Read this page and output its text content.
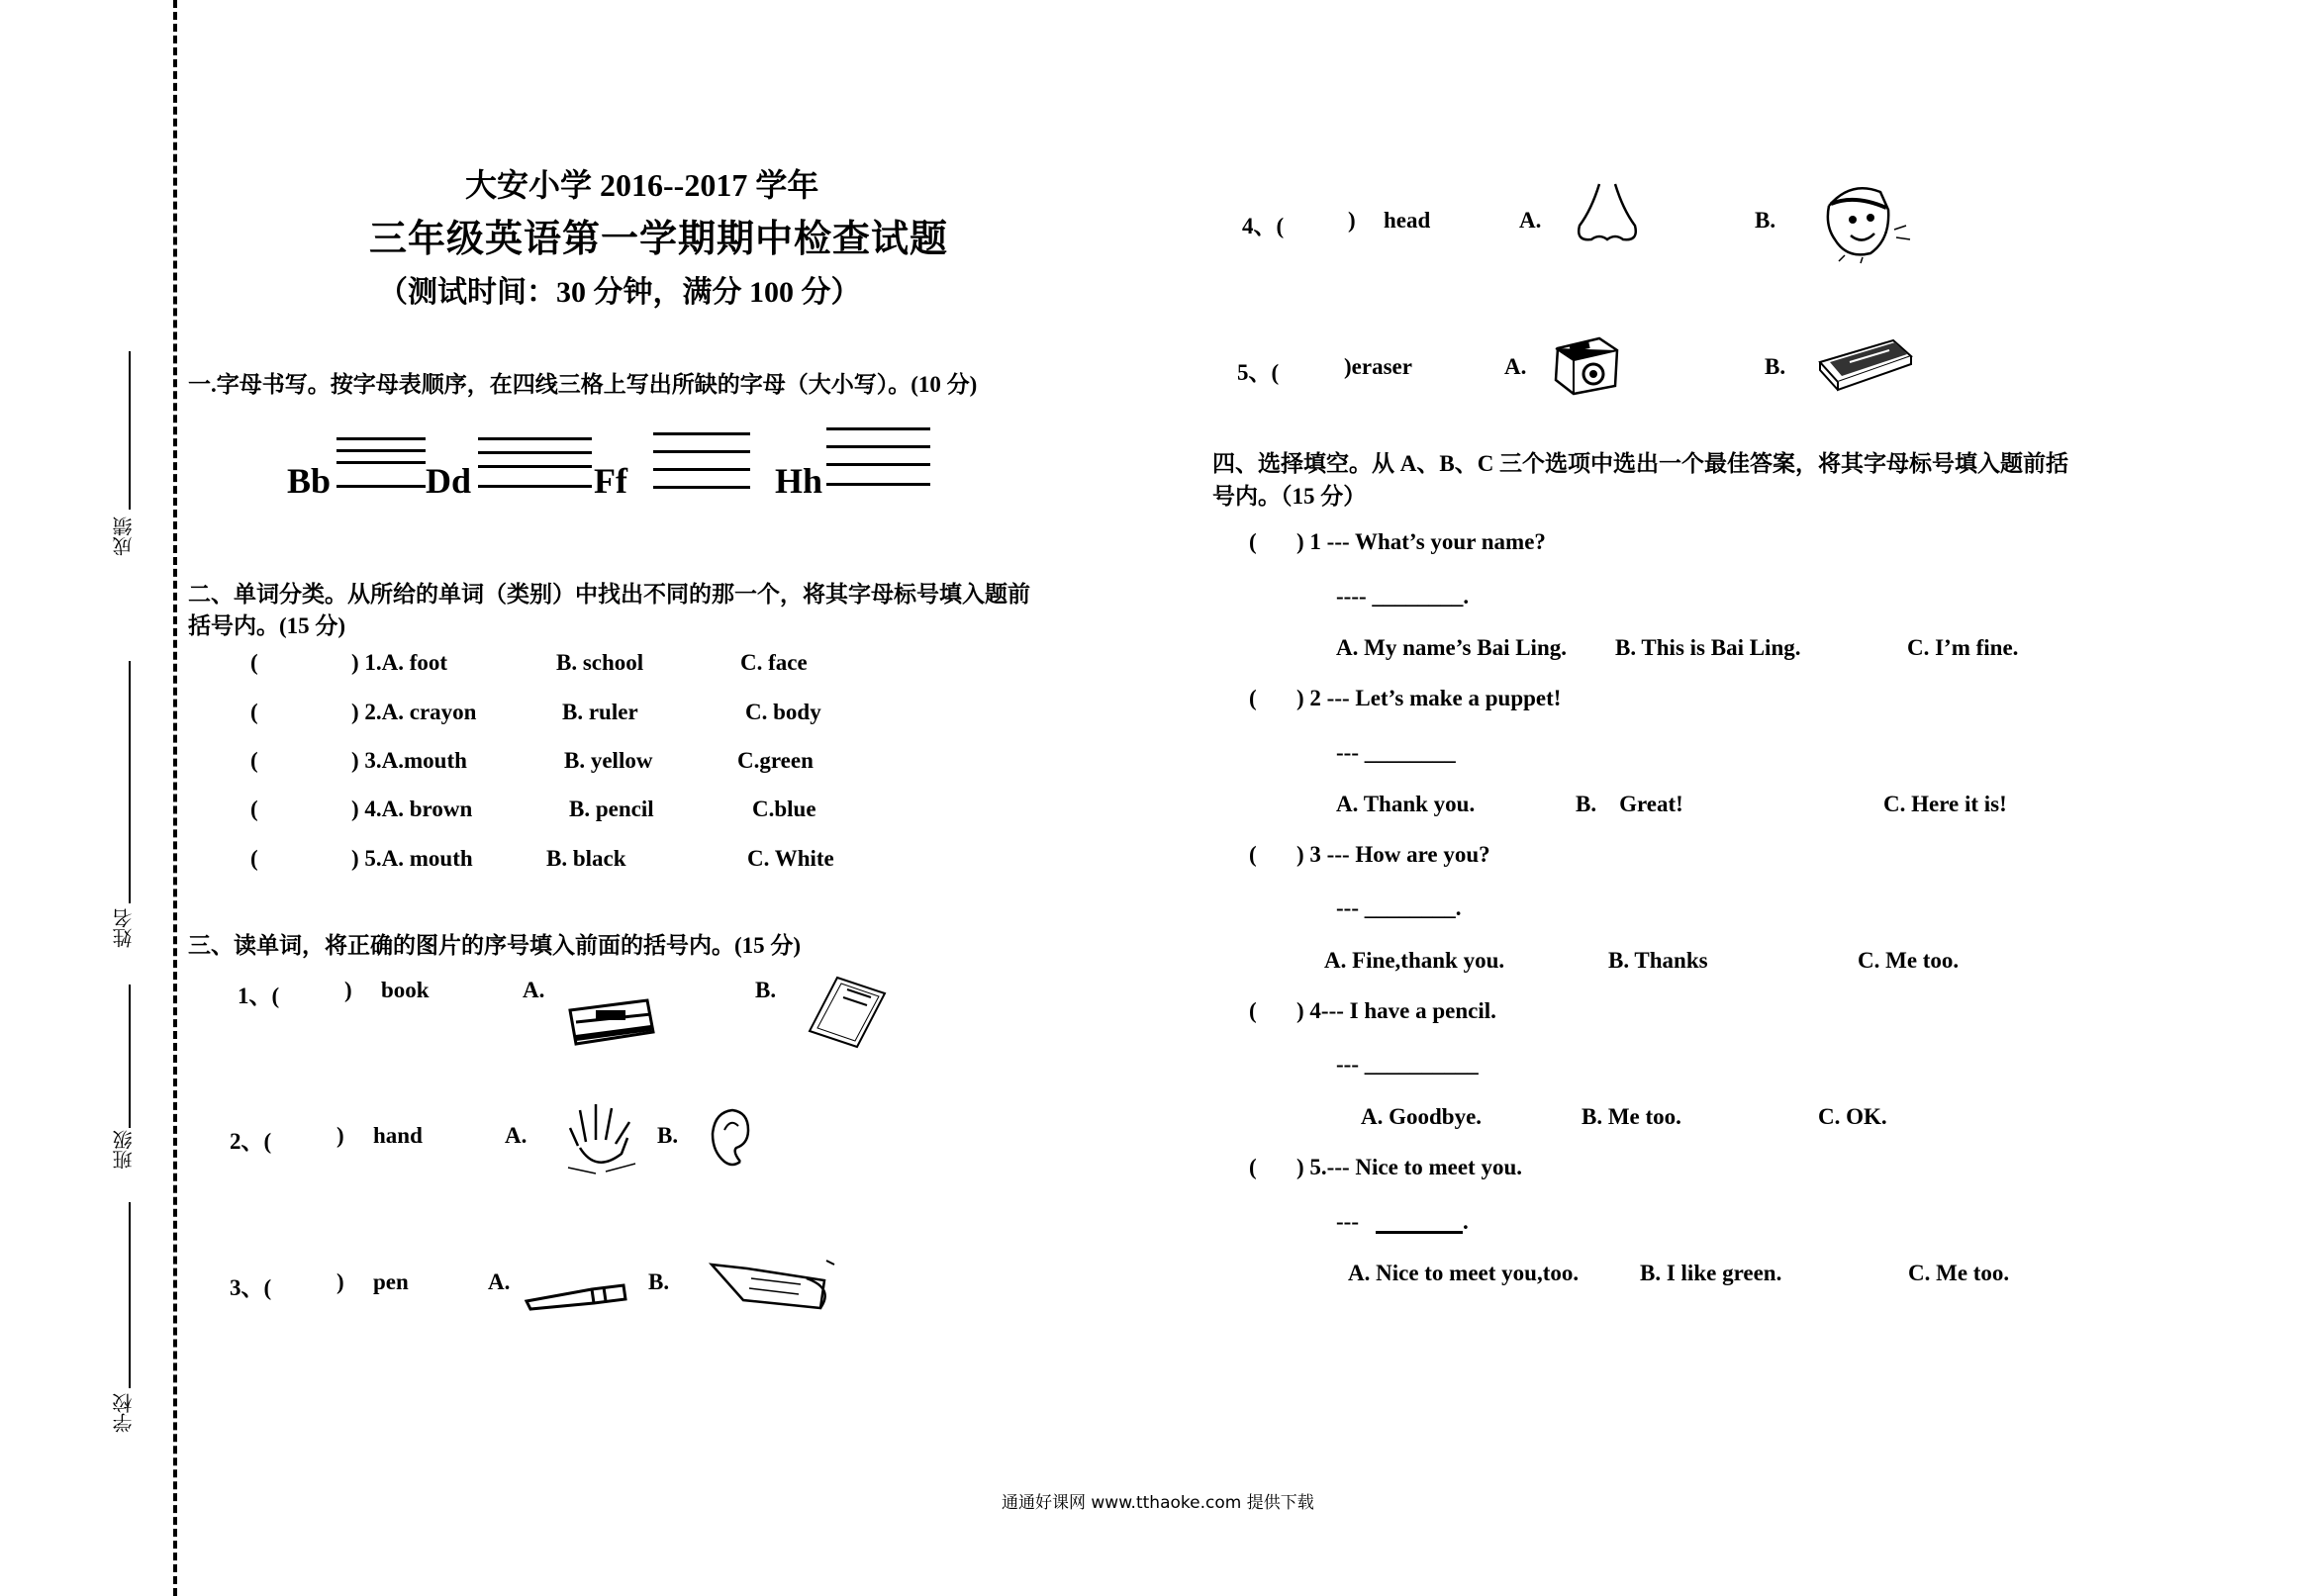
成绩
姓名
班级
学校
大安小学 2016--2017 学年
三年级英语第一学期期中检查试题
（测试时间：30 分钟，满分 100 分）
一.字母书写。按字母表顺序，在四线三格上写出所缺的字母（大小写）。(10 分)
Bb	Dd	Ff	Hh
二、单词分类。从所给的单词（类别）中找出不同的那一个，将其字母标号填入题前
括号内。(15 分)
(	) 1.A. foot	B. school	C. face
(	) 2.A. crayon	B. ruler	C. body
(	) 3.A.mouth	B. yellow	C.green
(	) 4.A. brown	B. pencil	C.blue
(	) 5.A. mouth	B. black	C. White
三、读单词，将正确的图片的序号填入前面的括号内。(15 分)
1、(	) book	A.	B.
2、(	) hand	A.	B.
3、(	) pen	A.	B.
4、(	) head	A.	B.
5、(	)eraser	A.	B.
四、选择填空。从 A、B、C 三个选项中选出一个最佳答案，将其字母标号填入题前括
号内。（15 分）
( ) 1 --- What’s your name?
---- ________.
A. My name’s Bai Ling. B. This is Bai Ling.	C. I’m fine.
( ) 2 --- Let’s make a puppet!
--- ________
A. Thank you.	B.    Great!	C. Here it is!
( ) 3 --- How are you?
--- ________.
A. Fine,thank you.	B. Thanks	C. Me too.
( ) 4--- I have a pencil.
--- __________
A. Goodbye.	B. Me too.	C. OK.
( ) 5.--- Nice to meet you.
---	.
A. Nice to meet you,too.	B. I like green.	C. Me too.
通通好课网 www.tthaoke.com 提供下载
